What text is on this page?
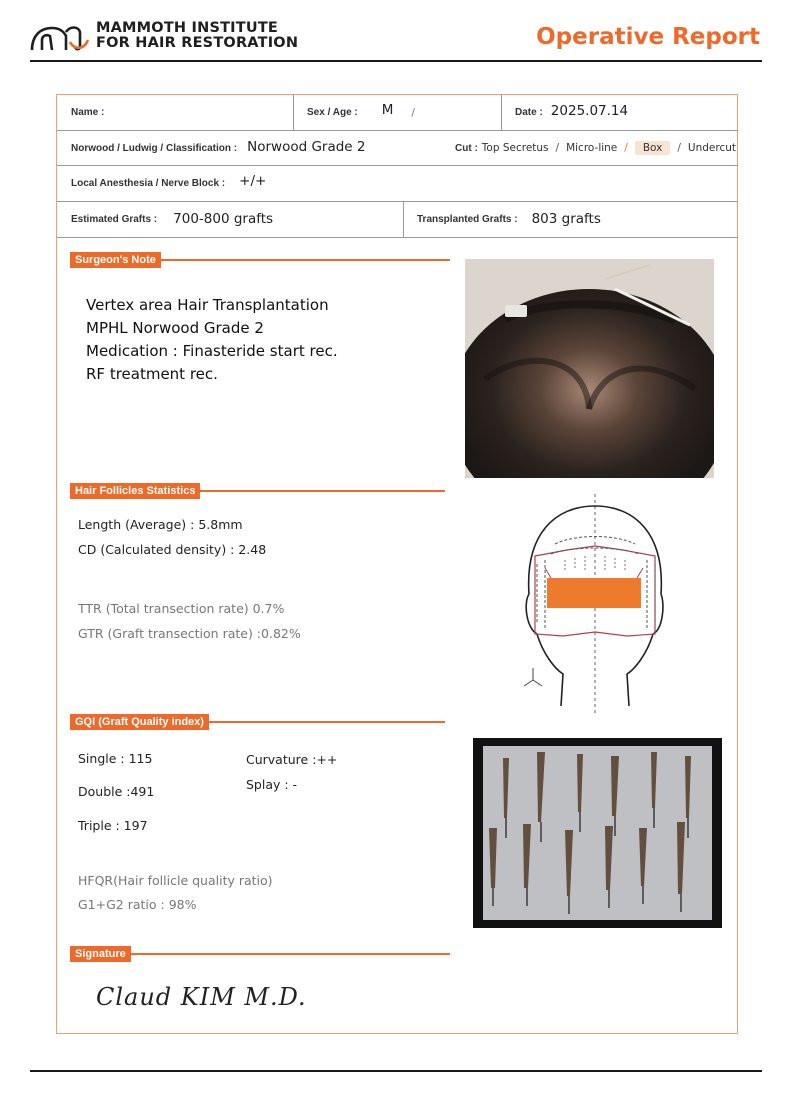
MAMMOTH INSTITUTE
FOR HAIR RESTORATION	Operative Report
Name :	Sex / Age : M /	Date : 2025.07.14
Norwood / Ludwig / Classification : Norwood Grade 2	Cut : Top Secretus / Micro-line /	Box	/ Undercut
Local Anesthesia / Nerve Block : +/+
Estimated Grafts : 700-800 grafts	Transplanted Grafts : 803 grafts
Surgeon's Note
Vertex area Hair Transplantation
MPHL Norwood Grade 2
Medication : Finasteride start rec.
RF treatment rec.
Hair Follicles Statistics
Length (Average) : 5.8mm
CD (Calculated density) : 2.48
TTR (Total transection rate) 0.7%
GTR (Graft transection rate) :0.82%
GQI (Graft Quality index)
Single : 115
Double :491
Triple : 197
Curvature :++
Splay : -
HFQR(Hair follicle quality ratio)
G1+G2 ratio : 98%
Signature
Claud KIM M.D.
